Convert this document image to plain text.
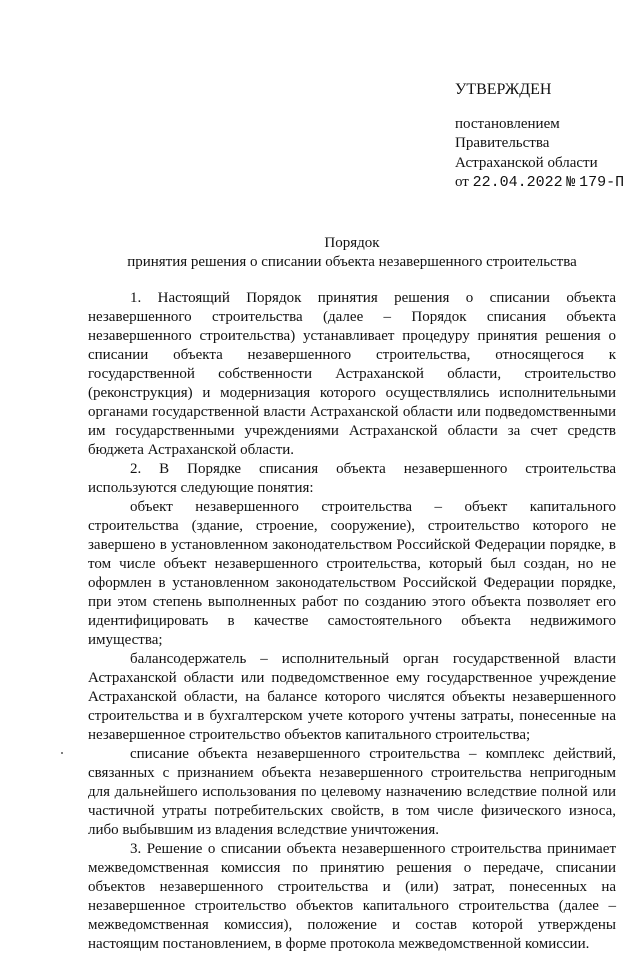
УТВЕРЖДЕН
постановлением
Правительства
Астраханской области
от 22.04.2022 № 179-П
Порядок
принятия решения о списании объекта незавершенного строительства

1. Настоящий Порядок принятия решения о списании объекта незавершенного строительства (далее – Порядок списания объекта незавершенного строительства) устанавливает процедуру принятия решения о списании объекта незавершенного строительства, относящегося к государственной собственности Астраханской области, строительство (реконструкция) и модернизация которого осуществлялись исполнительными органами государственной власти Астраханской области или подведомственными им государственными учреждениями Астраханской области за счет средств бюджета Астраханской области.

2. В Порядке списания объекта незавершенного строительства используются следующие понятия:

объект незавершенного строительства – объект капитального строительства (здание, строение, сооружение), строительство которого не завершено в установленном законодательством Российской Федерации порядке, в том числе объект незавершенного строительства, который был создан, но не оформлен в установленном законодательством Российской Федерации порядке, при этом степень выполненных работ по созданию этого объекта позволяет его идентифицировать в качестве самостоятельного объекта недвижимого имущества;

балансодержатель – исполнительный орган государственной власти Астраханской области или подведомственное ему государственное учреждение Астраханской области, на балансе которого числятся объекты незавершенного строительства и в бухгалтерском учете которого учтены затраты, понесенные на незавершенное строительство объектов капитального строительства;

списание объекта незавершенного строительства – комплекс действий, связанных с признанием объекта незавершенного строительства непригодным для дальнейшего использования по целевому назначению вследствие полной или частичной утраты потребительских свойств, в том числе физического износа, либо выбывшим из владения вследствие уничтожения.

3. Решение о списании объекта незавершенного строительства принимает межведомственная комиссия по принятию решения о передаче, списании объектов незавершенного строительства и (или) затрат, понесенных на незавершенное строительство объектов капитального строительства (далее – межведомственная комиссия), положение и состав которой утверждены настоящим постановлением, в форме протокола межведомственной комиссии.
